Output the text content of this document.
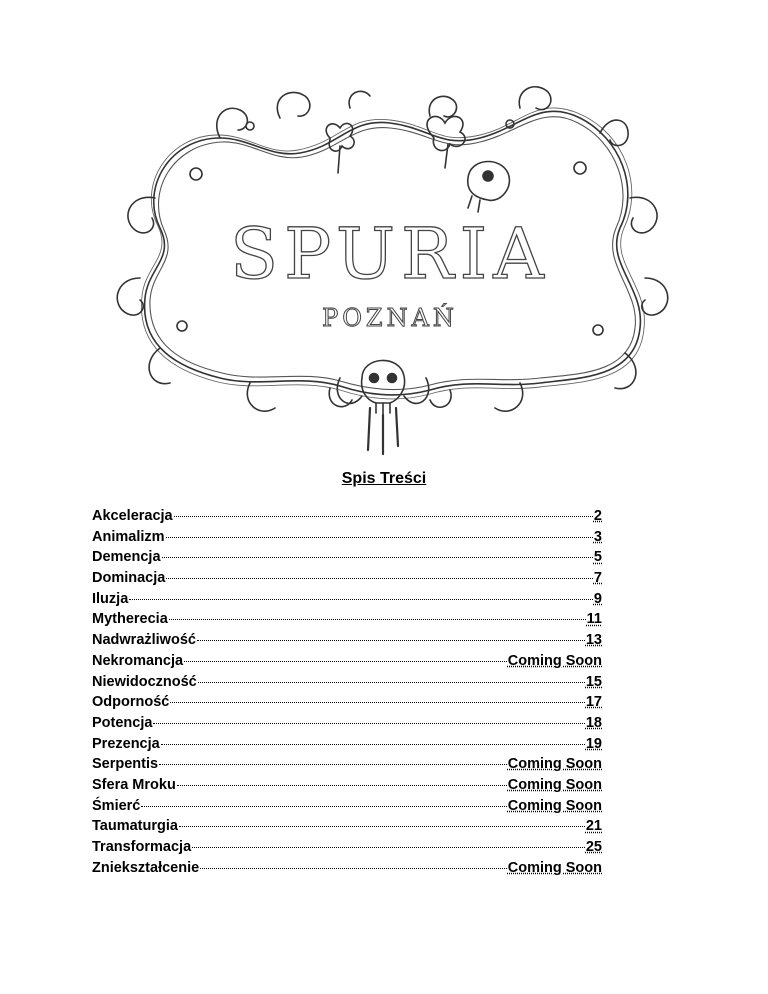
SPURIA
POZNAŃ
Spis Treści
Akceleracja	2
Animalizm	3
Demencja	5
Dominacja	7
Iluzja	9
Mytherecia	11
Nadwrażliwość	13
Nekromancja	Coming Soon
Niewidoczność	15
Odporność	17
Potencja	18
Prezencja	19
Serpentis	Coming Soon
Sfera Mroku	Coming Soon
Śmierć	Coming Soon
Taumaturgia	21
Transformacja	25
Zniekształcenie	Coming Soon
